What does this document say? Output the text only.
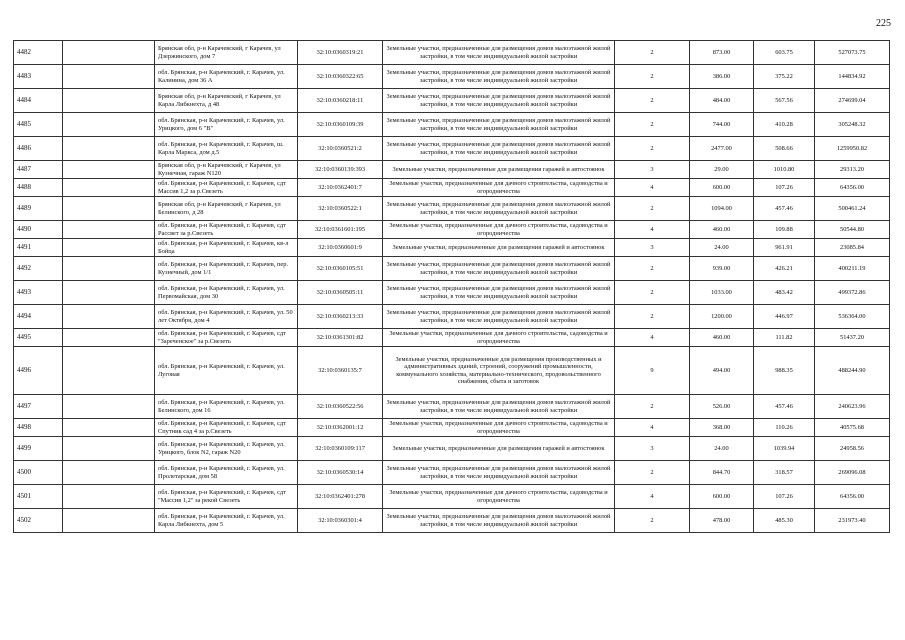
225
4482		Брянская обл, р-н Карачевский, г Карачев, ул Дзержинского, дом 7	32:10:0360319:21	Земельные участки, предназначенные для размещения домов малоэтажной жилой застройки, в том числе индивидуальной жилой застройки	2	873.00	603.75	527073.75
4483		обл. Брянская, р-н Карачевский, г. Карачев, ул. Калинина, дом 36 А	32:10:0360322:65	Земельные участки, предназначенные для размещения домов малоэтажной жилой застройки, в том числе индивидуальной жилой застройки	2	386.00	375.22	144834.92
4484		Брянская обл, р-н Карачевский, г Карачев, ул Карла Либкнехта, д 48	32:10:0360218:11	Земельные участки, предназначенные для размещения домов малоэтажной жилой застройки, в том числе индивидуальной жилой застройки	2	484.00	567.56	274699.04
4485		обл. Брянская, р-н Карачевский, г. Карачев, ул. Урицкого, дом 6 "В"	32:10:0360109:39	Земельные участки, предназначенные для размещения домов малоэтажной жилой застройки, в том числе индивидуальной жилой застройки	2	744.00	410.28	305248.32
4486		обл. Брянская, р-н Карачевский, г. Карачев, ш. Карла Маркса, дом д.5	32:10:0360521:2	Земельные участки, предназначенные для размещения домов малоэтажной жилой застройки, в том числе индивидуальной жилой застройки	2	2477.00	508.66	1259950.82
4487		Брянская обл, р-н Карачевский, г Карачев, ул Кузнечная, гараж N120	32:10:0360139:393	Земельные участки, предназначенные для размещения гаражей и автостоянок	3	29.00	1010.80	29313.20
4488		обл. Брянская, р-н Карачевский, г. Карачев, сдт Массив 1,2 за р.Свезеть	32:10:0362401:7	Земельные участки, предназначенные для дачного строительства, садоводства и огородничества	4	600.00	107.26	64356.00
4489		Брянская обл, р-н Карачевский, г Карачев, ул Белинского, д 28	32:10:0360522:1	Земельные участки, предназначенные для размещения домов малоэтажной жилой застройки, в том числе индивидуальной жилой застройки	2	1094.00	457.46	500461.24
4490		обл. Брянская, р-н Карачевский, г. Карачев, сдт Рассвет за р.Свезеть	32:10:0361601:195	Земельные участки, предназначенные для дачного строительства, садоводства и огородничества	4	460.00	109.88	50544.80
4491		обл. Брянская, р-н Карачевский, г. Карачев, кв-л Бойца	32:10:0360601:9	Земельные участки, предназначенные для размещения гаражей и автостоянок	3	24.00	961.91	23085.84
4492		обл. Брянская, р-н Карачевский, г. Карачев, пер. Кузнечный, дом 1/1	32:10:0360105:51	Земельные участки, предназначенные для размещения домов малоэтажной жилой застройки, в том числе индивидуальной жилой застройки	2	939.00	426.21	400211.19
4493		обл. Брянская, р-н Карачевский, г. Карачев, ул. Первомайская, дом 30	32:10:0360505:11	Земельные участки, предназначенные для размещения домов малоэтажной жилой застройки, в том числе индивидуальной жилой застройки	2	1033.00	483.42	499372.86
4494		обл. Брянская, р-н Карачевский, г. Карачев, ул. 50 лет Октября, дом 4	32:10:0360213:33	Земельные участки, предназначенные для размещения домов малоэтажной жилой застройки, в том числе индивидуальной жилой застройки	2	1200.00	446.97	536364.00
4495		обл. Брянская, р-н Карачевский, г. Карачев, сдт "Зареченское" за р.Свезеть	32:10:0361301:82	Земельные участки, предназначенные для дачного строительства, садоводства и огородничества	4	460.00	111.82	51437.20
4496		обл. Брянская, р-н Карачевский, г. Карачев, ул. Луговая	32:10:0360135:7	Земельные участки, предназначенные для размещения производственных и административных зданий, строений, сооружений промышленности, коммунального хозяйства, материально-технического, продовольственного снабжения, сбыта и заготовок	9	494.00	988.35	488244.90
4497		обл. Брянская, р-н Карачевский, г. Карачев, ул. Белинского, дом 16	32:10:0360522:56	Земельные участки, предназначенные для размещения домов малоэтажной жилой застройки, в том числе индивидуальной жилой застройки	2	526.00	457.46	240623.96
4498		обл. Брянская, р-н Карачевский, г. Карачев, сдт Спутник сад 4 за р.Свезеть	32:10:0362001:12	Земельные участки, предназначенные для дачного строительства, садоводства и огородничества	4	368.00	110.26	40575.68
4499		обл. Брянская, р-н Карачевский, г. Карачев, ул. Урицкого, блок N2, гараж N20	32:10:0360109:117	Земельные участки, предназначенные для размещения гаражей и автостоянок	3	24.00	1039.94	24958.56
4500		обл. Брянская, р-н Карачевский, г. Карачев, ул. Пролетарская, дом 58	32:10:0360530:14	Земельные участки, предназначенные для размещения домов малоэтажной жилой застройки, в том числе индивидуальной жилой застройки	2	844.70	318.57	269096.08
4501		обл. Брянская, р-н Карачевский, г. Карачев, сдт "Массив 1,2" за рекой Свезеть	32:10:0362401:278	Земельные участки, предназначенные для дачного строительства, садоводства и огородничества	4	600.00	107.26	64356.00
4502		обл. Брянская, р-н Карачевский, г. Карачев, ул. Карла Либкнехта, дом 5	32:10:0360301:4	Земельные участки, предназначенные для размещения домов малоэтажной жилой застройки, в том числе индивидуальной жилой застройки	2	478.00	485.30	231973.40
